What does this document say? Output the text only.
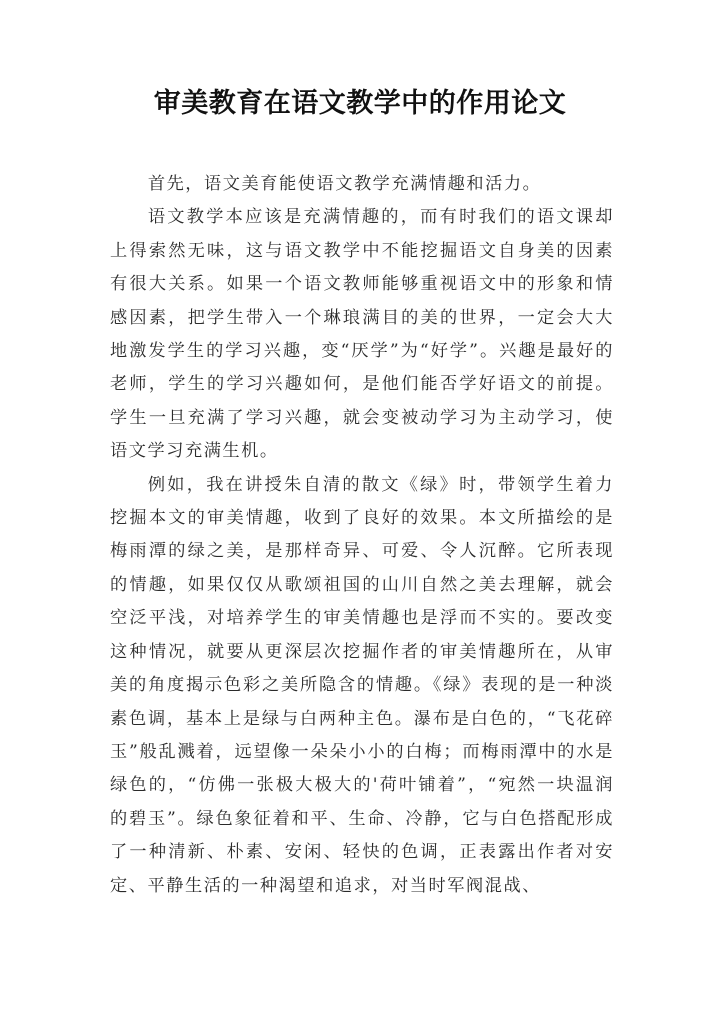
审美教育在语文教学中的作用论文

首先，语文美育能使语文教学充满情趣和活力。

语文教学本应该是充满情趣的，而有时我们的语文课却上得索然无味，这与语文教学中不能挖掘语文自身美的因素有很大关系。如果一个语文教师能够重视语文中的形象和情感因素，把学生带入一个琳琅满目的美的世界，一定会大大地激发学生的学习兴趣，变“厌学”为“好学”。兴趣是最好的老师，学生的学习兴趣如何，是他们能否学好语文的前提。学生一旦充满了学习兴趣，就会变被动学习为主动学习，使语文学习充满生机。

例如，我在讲授朱自清的散文《绿》时，带领学生着力挖掘本文的审美情趣，收到了良好的效果。本文所描绘的是梅雨潭的绿之美，是那样奇异、可爱、令人沉醉。它所表现的情趣，如果仅仅从歌颂祖国的山川自然之美去理解，就会空泛平浅，对培养学生的审美情趣也是浮而不实的。要改变这种情况，就要从更深层次挖掘作者的审美情趣所在，从审美的角度揭示色彩之美所隐含的情趣。《绿》表现的是一种淡素色调，基本上是绿与白两种主色。瀑布是白色的，“飞花碎玉”般乱溅着，远望像一朵朵小小的白梅；而梅雨潭中的水是绿色的，“仿佛一张极大极大的'荷叶铺着”，“宛然一块温润的碧玉”。绿色象征着和平、生命、冷静，它与白色搭配形成了一种清新、朴素、安闲、轻快的色调，正表露出作者对安定、平静生活的一种渴望和追求，对当时军阀混战、
